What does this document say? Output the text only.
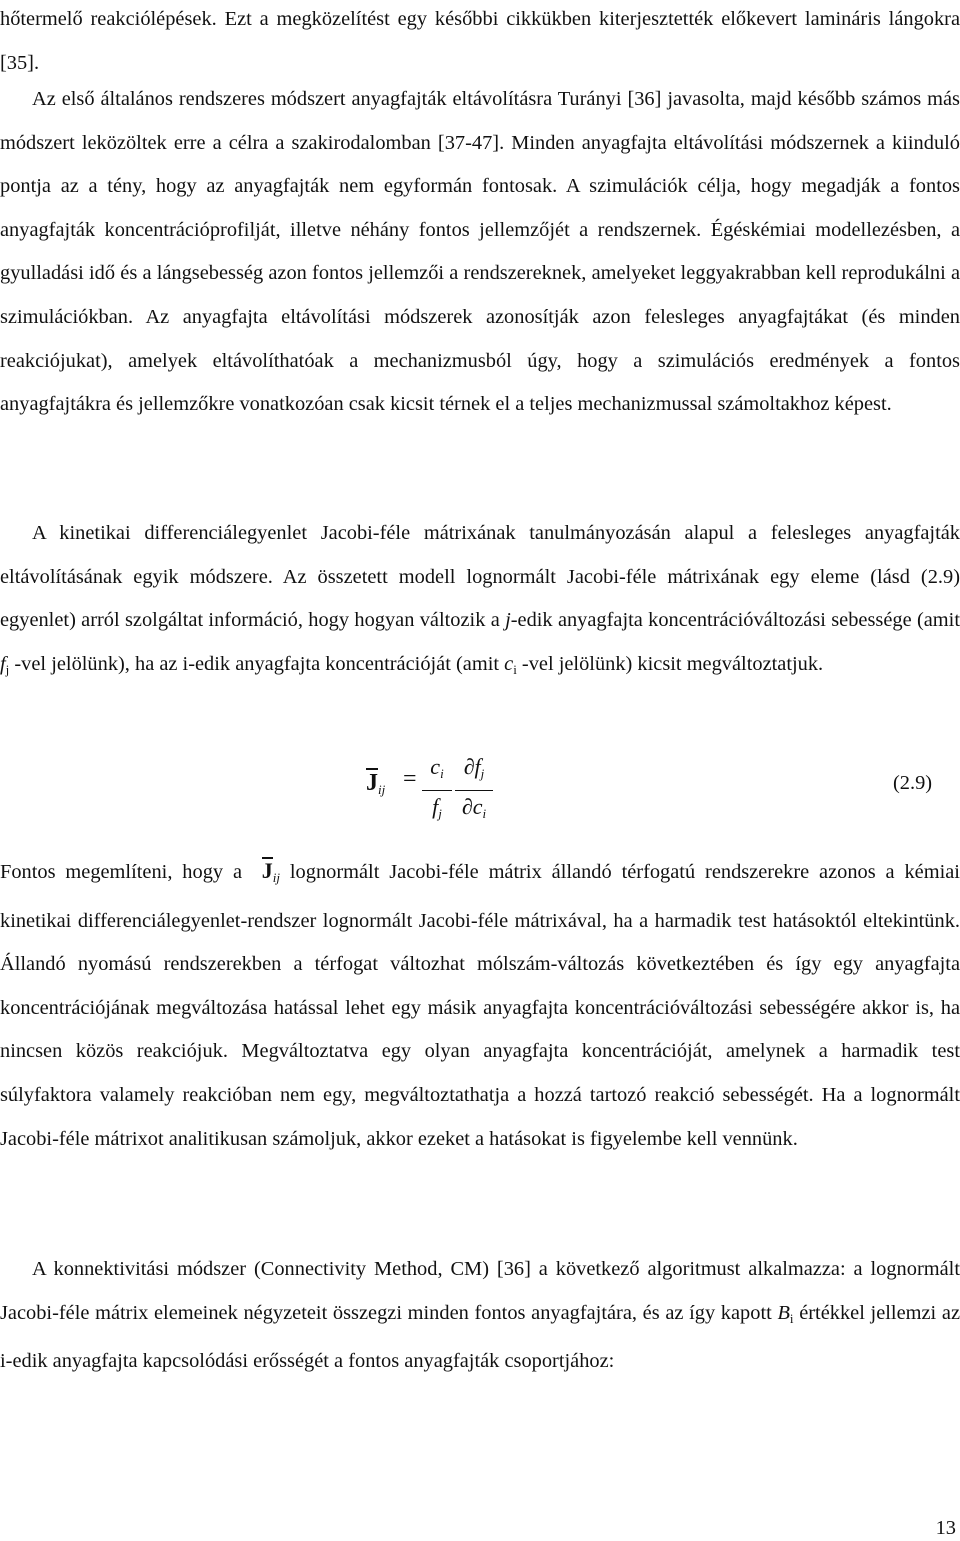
hőtermelő reakciólépések. Ezt a megközelítést egy későbbi cikkükben kiterjesztették előkevert lamináris lángokra [35].

Az első általános rendszeres módszert anyagfajták eltávolításra Turányi [36] javasolta, majd később számos más módszert leközöltek erre a célra a szakirodalomban [37-47]. Minden anyagfajta eltávolítási módszernek a kiinduló pontja az a tény, hogy az anyagfajták nem egyformán fontosak. A szimulációk célja, hogy megadják a fontos anyagfajták koncentrációprofilját, illetve néhány fontos jellemzőjét a rendszernek. Égéskémiai modellezésben, a gyulladási idő és a lángsebesség azon fontos jellemzői a rendszereknek, amelyeket leggyakrabban kell reprodukálni a szimulációkban. Az anyagfajta eltávolítási módszerek azonosítják azon felesleges anyagfajtákat (és minden reakciójukat), amelyek eltávolíthatóak a mechanizmusból úgy, hogy a szimulációs eredmények a fontos anyagfajtákra és jellemzőkre vonatkozóan csak kicsit térnek el a teljes mechanizmussal számoltakhoz képest.

A kinetikai differenciálegyenlet Jacobi-féle mátrixának tanulmányozásán alapul a felesleges anyagfajták eltávolításának egyik módszere. Az összetett modell lognormált Jacobi-féle mátrixának egy eleme (lásd (2.9) egyenlet) arról szolgáltat információ, hogy hogyan változik a j-edik anyagfajta koncentrációváltozási sebessége (amit $f_j$ -vel jelölünk), ha az i-edik anyagfajta koncentrációját (amit $c_i$ -vel jelölünk) kicsit megváltoztatjuk.

Jij = ci
fj
∂fj
∂ci
(2.9)

Fontos megemlíteni, hogy a  Jij lognormált Jacobi-féle mátrix állandó térfogatú rendszerekre azonos a kémiai kinetikai differenciálegyenlet-rendszer lognormált Jacobi-féle mátrixával, ha a harmadik test hatásoktól eltekintünk. Állandó nyomású rendszerekben a térfogat változhat mólszám-változás következtében és így egy anyagfajta koncentrációjának megváltozása hatással lehet egy másik anyagfajta koncentrációváltozási sebességére akkor is, ha nincsen közös reakciójuk. Megváltoztatva egy olyan anyagfajta koncentrációját, amelynek a harmadik test súlyfaktora valamely reakcióban nem egy, megváltoztathatja a hozzá tartozó reakció sebességét. Ha a lognormált Jacobi-féle mátrixot analitikusan számoljuk, akkor ezeket a hatásokat is figyelembe kell vennünk.

A konnektivitási módszer (Connectivity Method, CM) [36] a következő algoritmust alkalmazza: a lognormált Jacobi-féle mátrix elemeinek négyzeteit összegzi minden fontos anyagfajtára, és az így kapott $B_i$ értékkel jellemzi az i-edik anyagfajta kapcsolódási erősségét a fontos anyagfajták csoportjához:

13
